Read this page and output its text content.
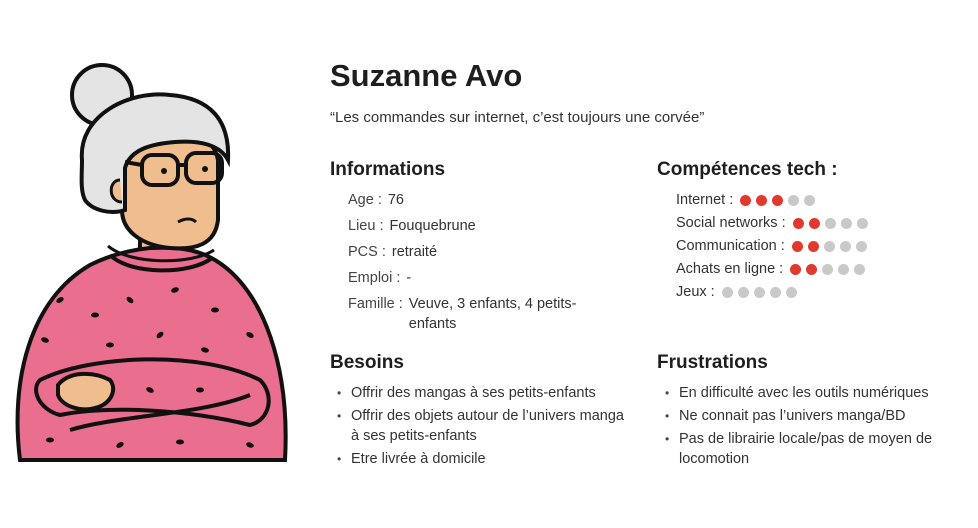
Suzanne Avo
“Les commandes sur internet, c’est toujours une corvée”
Informations	Compétences tech :
Besoins	Frustrations
Age : 76
Lieu : Fouquebrune
PCS : retraité
Emploi : -
Famille : Veuve, 3 enfants, 4 petits-enfants
Internet :
Social networks :
Communication :
Achats en ligne :
Jeux :
• Offrir des mangas à ses petits-enfants
• Offrir des objets autour de l’univers manga à ses petits-enfants
• Etre livrée à domicile
• En difficulté avec les outils numériques
• Ne connait pas l’univers manga/BD
• Pas de librairie locale/pas de moyen de locomotion
